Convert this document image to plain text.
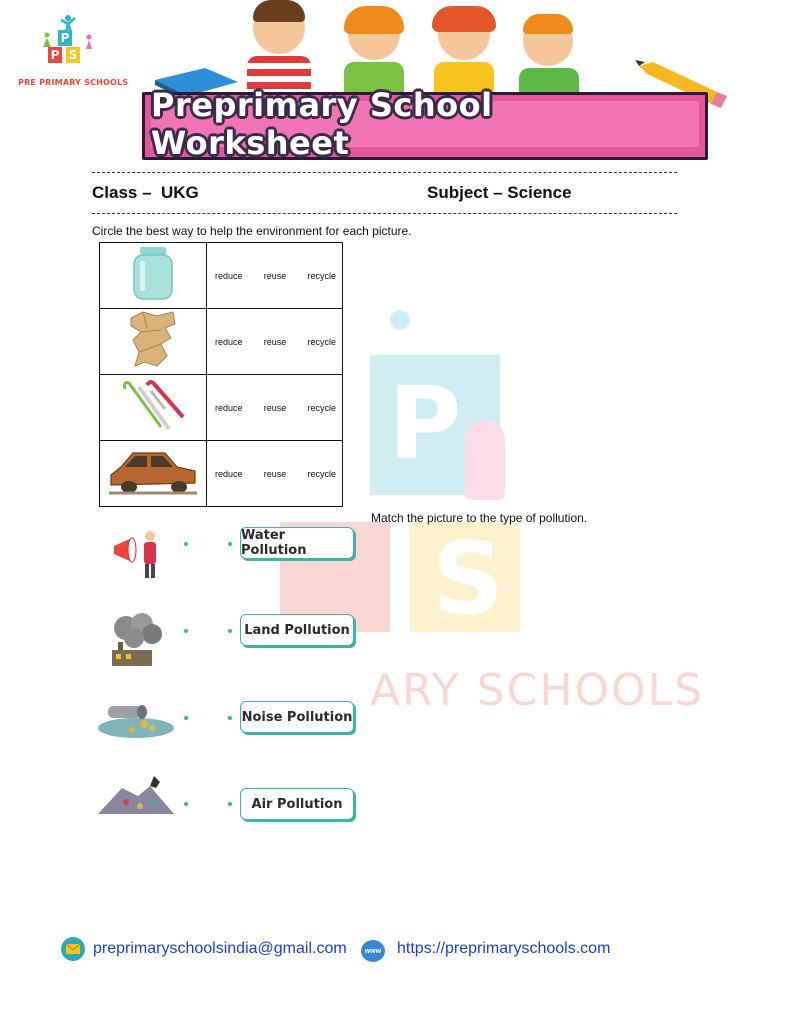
P
S
ARY SCHOOLS
P
P S
PRE PRIMARY SCHOOLS
Preprimary School Worksheet
Class –  UKG	Subject – Science
Circle the best way to help the environment for each picture.

reduce reuse recycle

reduce reuse recycle

reduce reuse recycle

reduce reuse recycle
Match the picture to the type of pollution.
Water Pollution
Land Pollution
Noise Pollution
Air Pollution
preprimaryschoolsindia@gmail.com	www https://preprimaryschools.com
